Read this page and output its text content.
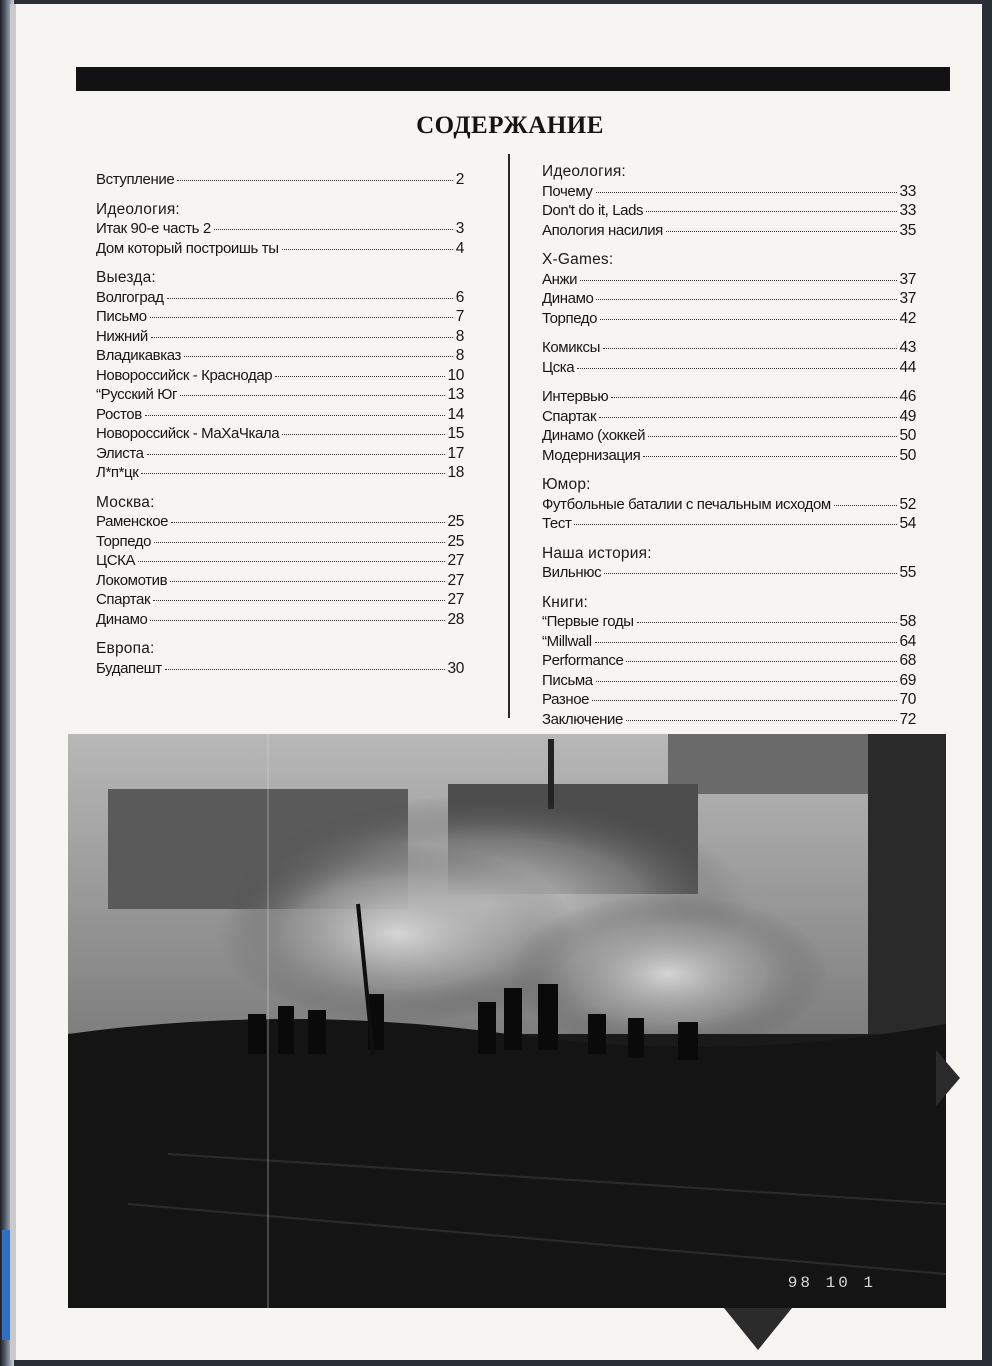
СОДЕРЖАНИЕ
Вступление	2
Идеология:
Итак 90-е часть 2	3
Дом который построишь ты	4
Выезда:
Волгоград	6
Письмо	7
Нижний	8
Владикавказ	8
Новороссийск - Краснодар	10
“Русский Юг	13
Ростов	14
Новороссийск - МаХаЧкала	15
Элиста	17
Л*п*цк	18
Москва:
Раменское	25
Торпедо	25
ЦСКА	27
Локомотив	27
Спартак	27
Динамо	28
Европа:
Будапешт	30
Идеология:
Почему	33
Don't do it, Lads	33
Апология насилия	35
X-Games:
Анжи	37
Динамо	37
Торпедо	42
Комиксы	43
Цска	44
Интервью	46
Спартак	49
Динамо (хоккей	50
Модернизация	50
Юмор:
Футбольные баталии с печальным исходом	52
Тест	54
Наша история:
Вильнюс	55
Книги:
“Первые годы	58
“Millwall	64
Performance	68
Письма	69
Разное	70
Заключение	72
98 10 1
